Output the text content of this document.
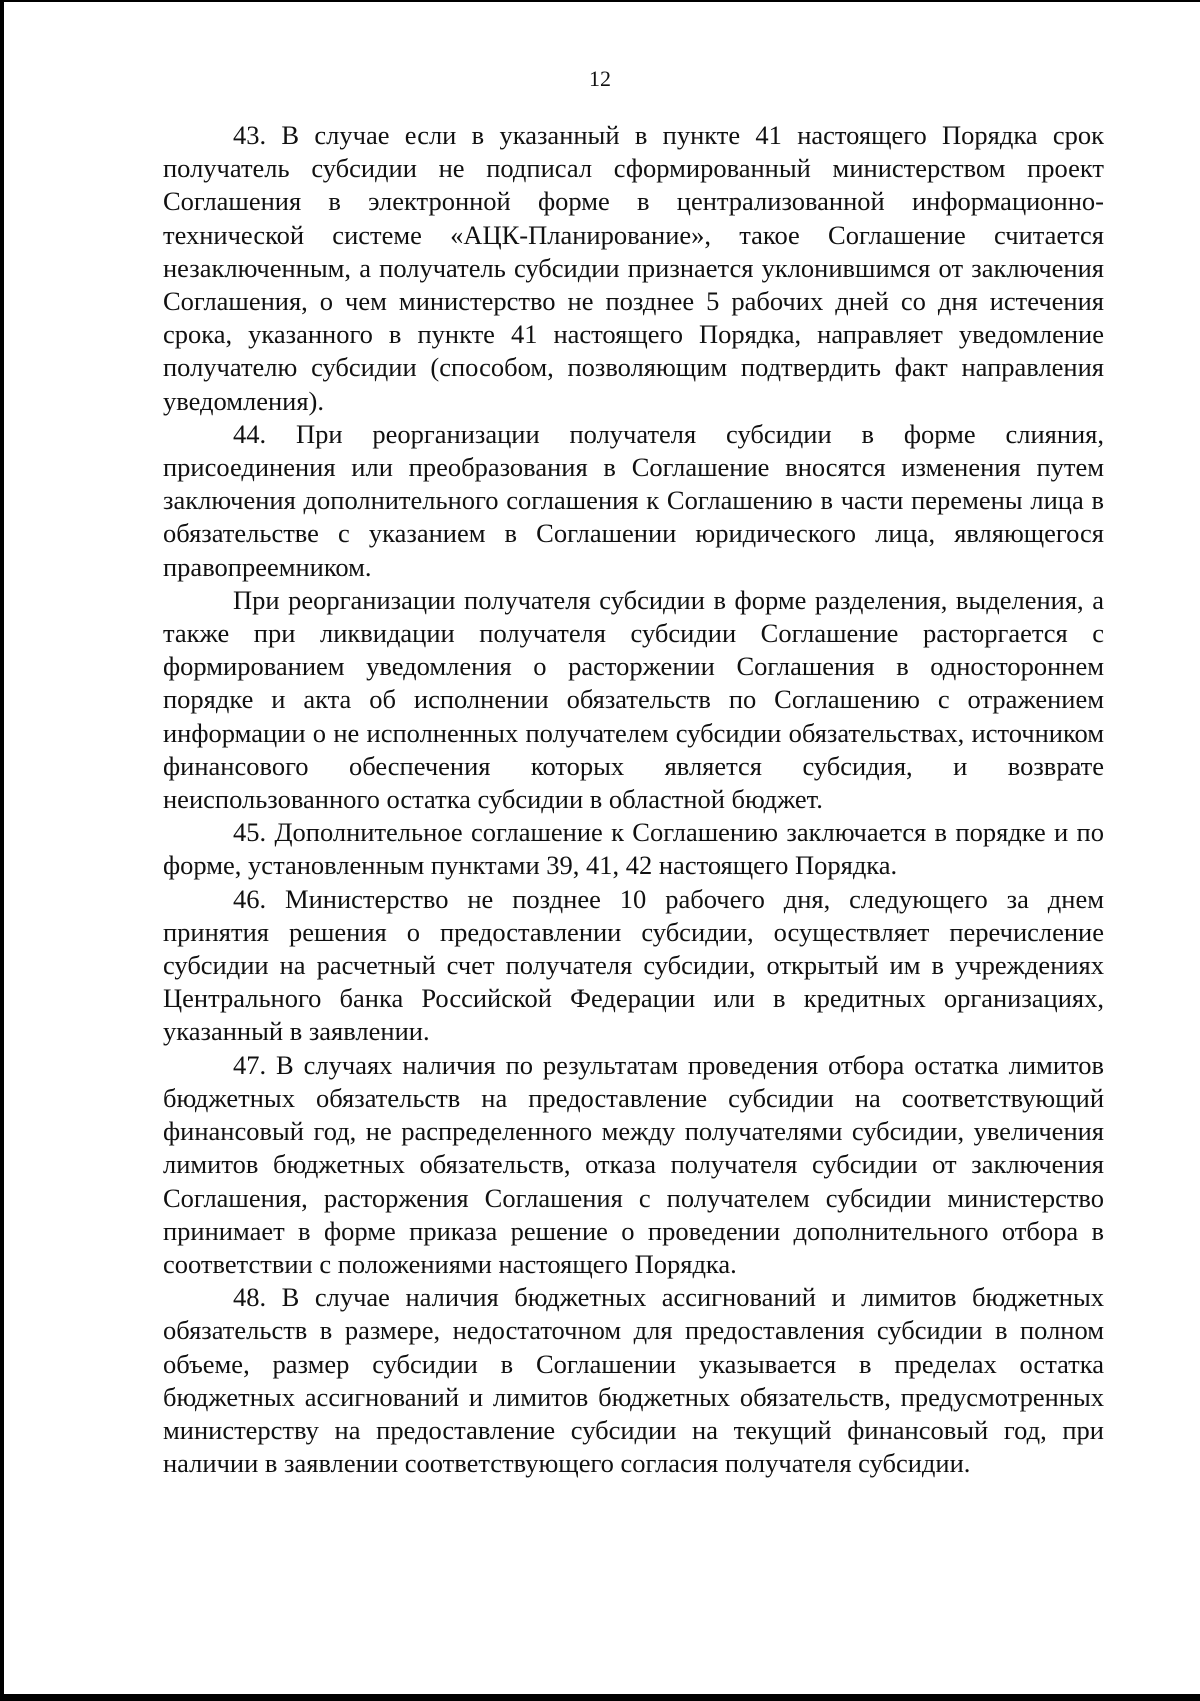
12

43. В случае если в указанный в пункте 41 настоящего Порядка срок получатель субсидии не подписал сформированный министерством проект Соглашения в электронной форме в централизованной информационно-технической системе «АЦК-Планирование», такое Соглашение считается незаключенным, а получатель субсидии признается уклонившимся от заключения Соглашения, о чем министерство не позднее 5 рабочих дней со дня истечения срока, указанного в пункте 41 настоящего Порядка, направляет уведомление получателю субсидии (способом, позволяющим подтвердить факт направления уведомления).

44. При реорганизации получателя субсидии в форме слияния, присоединения или преобразования в Соглашение вносятся изменения путем заключения дополнительного соглашения к Соглашению в части перемены лица в обязательстве с указанием в Соглашении юридического лица, являющегося правопреемником.

При реорганизации получателя субсидии в форме разделения, выделения, а также при ликвидации получателя субсидии Соглашение расторгается с формированием уведомления о расторжении Соглашения в одностороннем порядке и акта об исполнении обязательств по Соглашению с отражением информации о не исполненных получателем субсидии обязательствах, источником финансового обеспечения которых является субсидия, и возврате неиспользованного остатка субсидии в областной бюджет.

45. Дополнительное соглашение к Соглашению заключается в порядке и по форме, установленным пунктами 39, 41, 42 настоящего Порядка.

46. Министерство не позднее 10 рабочего дня, следующего за днем принятия решения о предоставлении субсидии, осуществляет перечисление субсидии на расчетный счет получателя субсидии, открытый им в учреждениях Центрального банка Российской Федерации или в кредитных организациях, указанный в заявлении.

47. В случаях наличия по результатам проведения отбора остатка лимитов бюджетных обязательств на предоставление субсидии на соответствующий финансовый год, не распределенного между получателями субсидии, увеличения лимитов бюджетных обязательств, отказа получателя субсидии от заключения Соглашения, расторжения Соглашения с получателем субсидии министерство принимает в форме приказа решение о проведении дополнительного отбора в соответствии с положениями настоящего Порядка.

48. В случае наличия бюджетных ассигнований и лимитов бюджетных обязательств в размере, недостаточном для предоставления субсидии в полном объеме, размер субсидии в Соглашении указывается в пределах остатка бюджетных ассигнований и лимитов бюджетных обязательств, предусмотренных министерству на предоставление субсидии на текущий финансовый год, при наличии в заявлении соответствующего согласия получателя субсидии.
